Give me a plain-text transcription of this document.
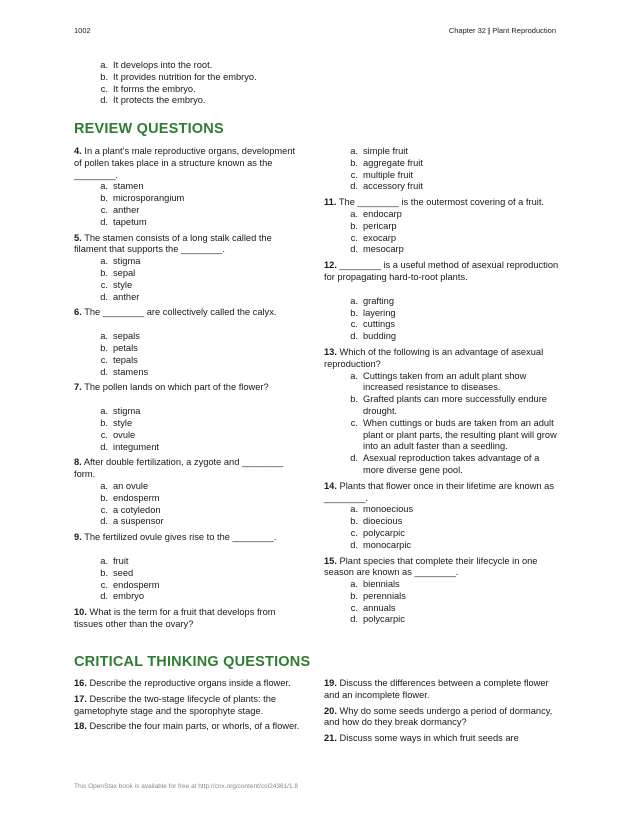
1002	Chapter 32 | Plant Reproduction
a. It develops into the root.
b. It provides nutrition for the embryo.
c. It forms the embryo.
d. It protects the embryo.
REVIEW QUESTIONS

4. In a plant’s male reproductive organs, development of pollen takes place in a structure known as the ________.

a. stamen
b. microsporangium
c. anther
d. tapetum

5. The stamen consists of a long stalk called the filament that supports the ________.

a. stigma
b. sepal
c. style
d. anther

6. The ________ are collectively called the calyx.

a. sepals
b. petals
c. tepals
d. stamens

7. The pollen lands on which part of the flower?

a. stigma
b. style
c. ovule
d. integument

8. After double fertilization, a zygote and ________ form.

a. an ovule
b. endosperm
c. a cotyledon
d. a suspensor

9. The fertilized ovule gives rise to the ________.

a. fruit
b. seed
c. endosperm
d. embryo

10. What is the term for a fruit that develops from tissues other than the ovary?

a. simple fruit
b. aggregate fruit
c. multiple fruit
d. accessory fruit

11. The ________ is the outermost covering of a fruit.

a. endocarp
b. pericarp
c. exocarp
d. mesocarp

12. ________ is a useful method of asexual reproduction for propagating hard-to-root plants.

a. grafting
b. layering
c. cuttings
d. budding

13. Which of the following is an advantage of asexual reproduction?

a. Cuttings taken from an adult plant show increased resistance to diseases.
b. Grafted plants can more successfully endure drought.
c. When cuttings or buds are taken from an adult plant or plant parts, the resulting plant will grow into an adult faster than a seedling.
d. Asexual reproduction takes advantage of a more diverse gene pool.

14. Plants that flower once in their lifetime are known as ________.

a. monoecious
b. dioecious
c. polycarpic
d. monocarpic

15. Plant species that complete their lifecycle in one season are known as ________.

a. biennials
b. perennials
c. annuals
d. polycarpic
CRITICAL THINKING QUESTIONS

16. Describe the reproductive organs inside a flower.

17. Describe the two-stage lifecycle of plants: the gametophyte stage and the sporophyte stage.

18. Describe the four main parts, or whorls, of a flower.

19. Discuss the differences between a complete flower and an incomplete flower.

20. Why do some seeds undergo a period of dormancy, and how do they break dormancy?

21. Discuss some ways in which fruit seeds are

This OpenStax book is available for free at http://cnx.org/content/col24361/1.8
